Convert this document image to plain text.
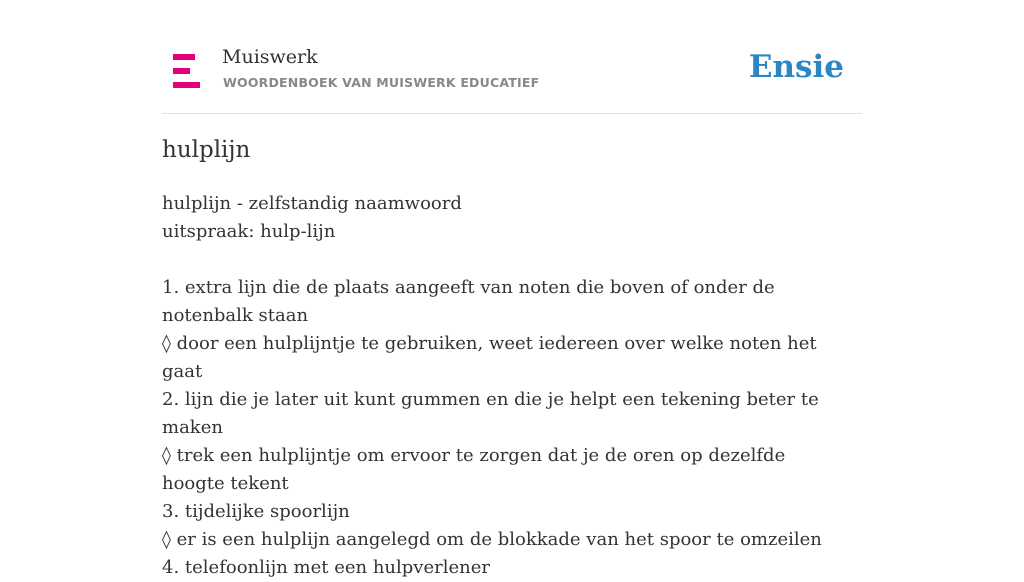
Muiswerk
WOORDENBOEK VAN MUISWERK EDUCATIEF	Ensie
hulplijn
hulplijn - zelfstandig naamwoord
uitspraak: hulp-lijn
1. extra lijn die de plaats aangeeft van noten die boven of onder de notenbalk staan
◊ door een hulplijntje te gebruiken, weet iedereen over welke noten het gaat
2. lijn die je later uit kunt gummen en die je helpt een tekening beter te maken
◊ trek een hulplijntje om ervoor te zorgen dat je de oren op dezelfde hoogte tekent
3. tijdelijke spoorlijn
◊ er is een hulplijn aangelegd om de blokkade van het spoor te omzeilen
4. telefoonlijn met een hulpverlener
